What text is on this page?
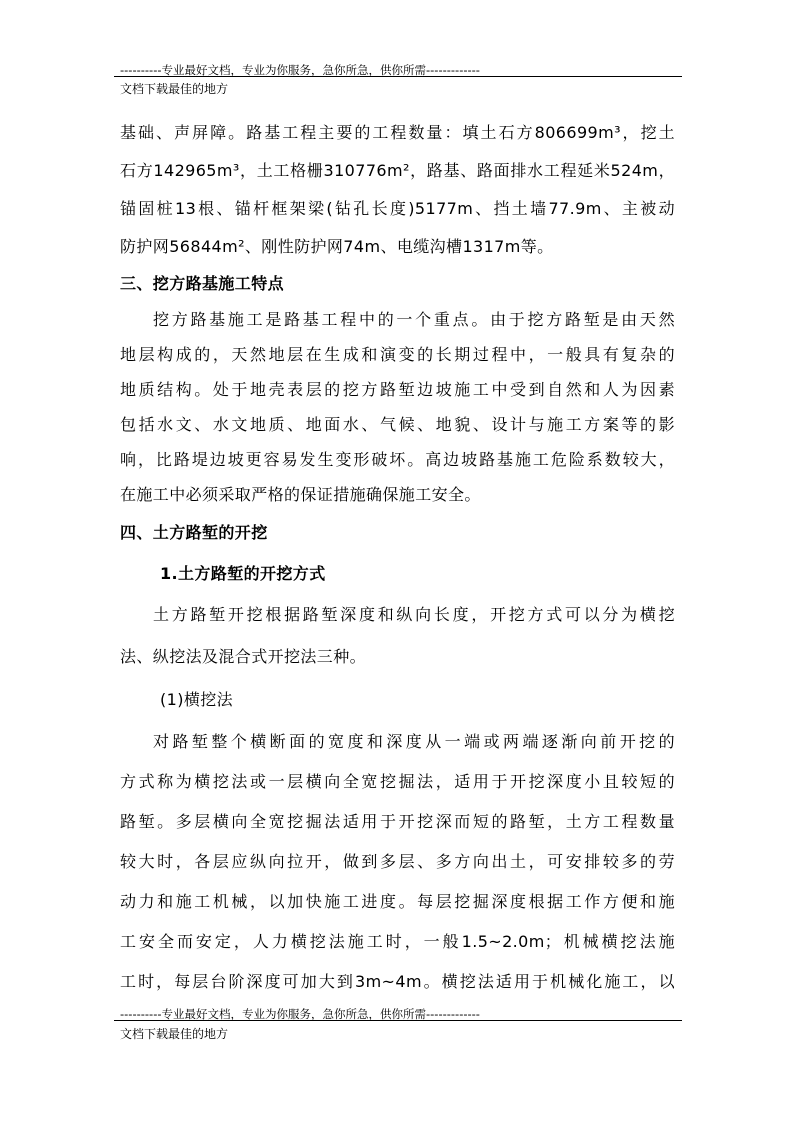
----------专业最好文档，专业为你服务，急你所急，供你所需-------------
文档下载最佳的地方
基础、声屏障。路基工程主要的工程数量：填土石方806699m³，挖土
石方142965m³，土工格栅310776m²，路基、路面排水工程延米524m，
锚固桩13根、锚杆框架梁(钻孔长度)5177m、挡土墙77.9m、主被动
防护网56844m²、刚性防护网74m、电缆沟槽1317m等。
三、挖方路基施工特点
挖方路基施工是路基工程中的一个重点。由于挖方路堑是由天然
地层构成的，天然地层在生成和演变的长期过程中，一般具有复杂的
地质结构。处于地壳表层的挖方路堑边坡施工中受到自然和人为因素
包括水文、水文地质、地面水、气候、地貌、设计与施工方案等的影
响，比路堤边坡更容易发生变形破坏。高边坡路基施工危险系数较大，
在施工中必须采取严格的保证措施确保施工安全。
四、土方路堑的开挖
1.土方路堑的开挖方式
土方路堑开挖根据路堑深度和纵向长度，开挖方式可以分为横挖
法、纵挖法及混合式开挖法三种。
(1)横挖法
对路堑整个横断面的宽度和深度从一端或两端逐渐向前开挖的
方式称为横挖法或一层横向全宽挖掘法，适用于开挖深度小且较短的
路堑。多层横向全宽挖掘法适用于开挖深而短的路堑，土方工程数量
较大时，各层应纵向拉开，做到多层、多方向出土，可安排较多的劳
动力和施工机械，以加快施工进度。每层挖掘深度根据工作方便和施
工安全而安定，人力横挖法施工时，一般1.5~2.0m；机械横挖法施
工时，每层台阶深度可加大到3m~4m。横挖法适用于机械化施工，以
----------专业最好文档，专业为你服务，急你所急，供你所需-------------
文档下载最佳的地方
